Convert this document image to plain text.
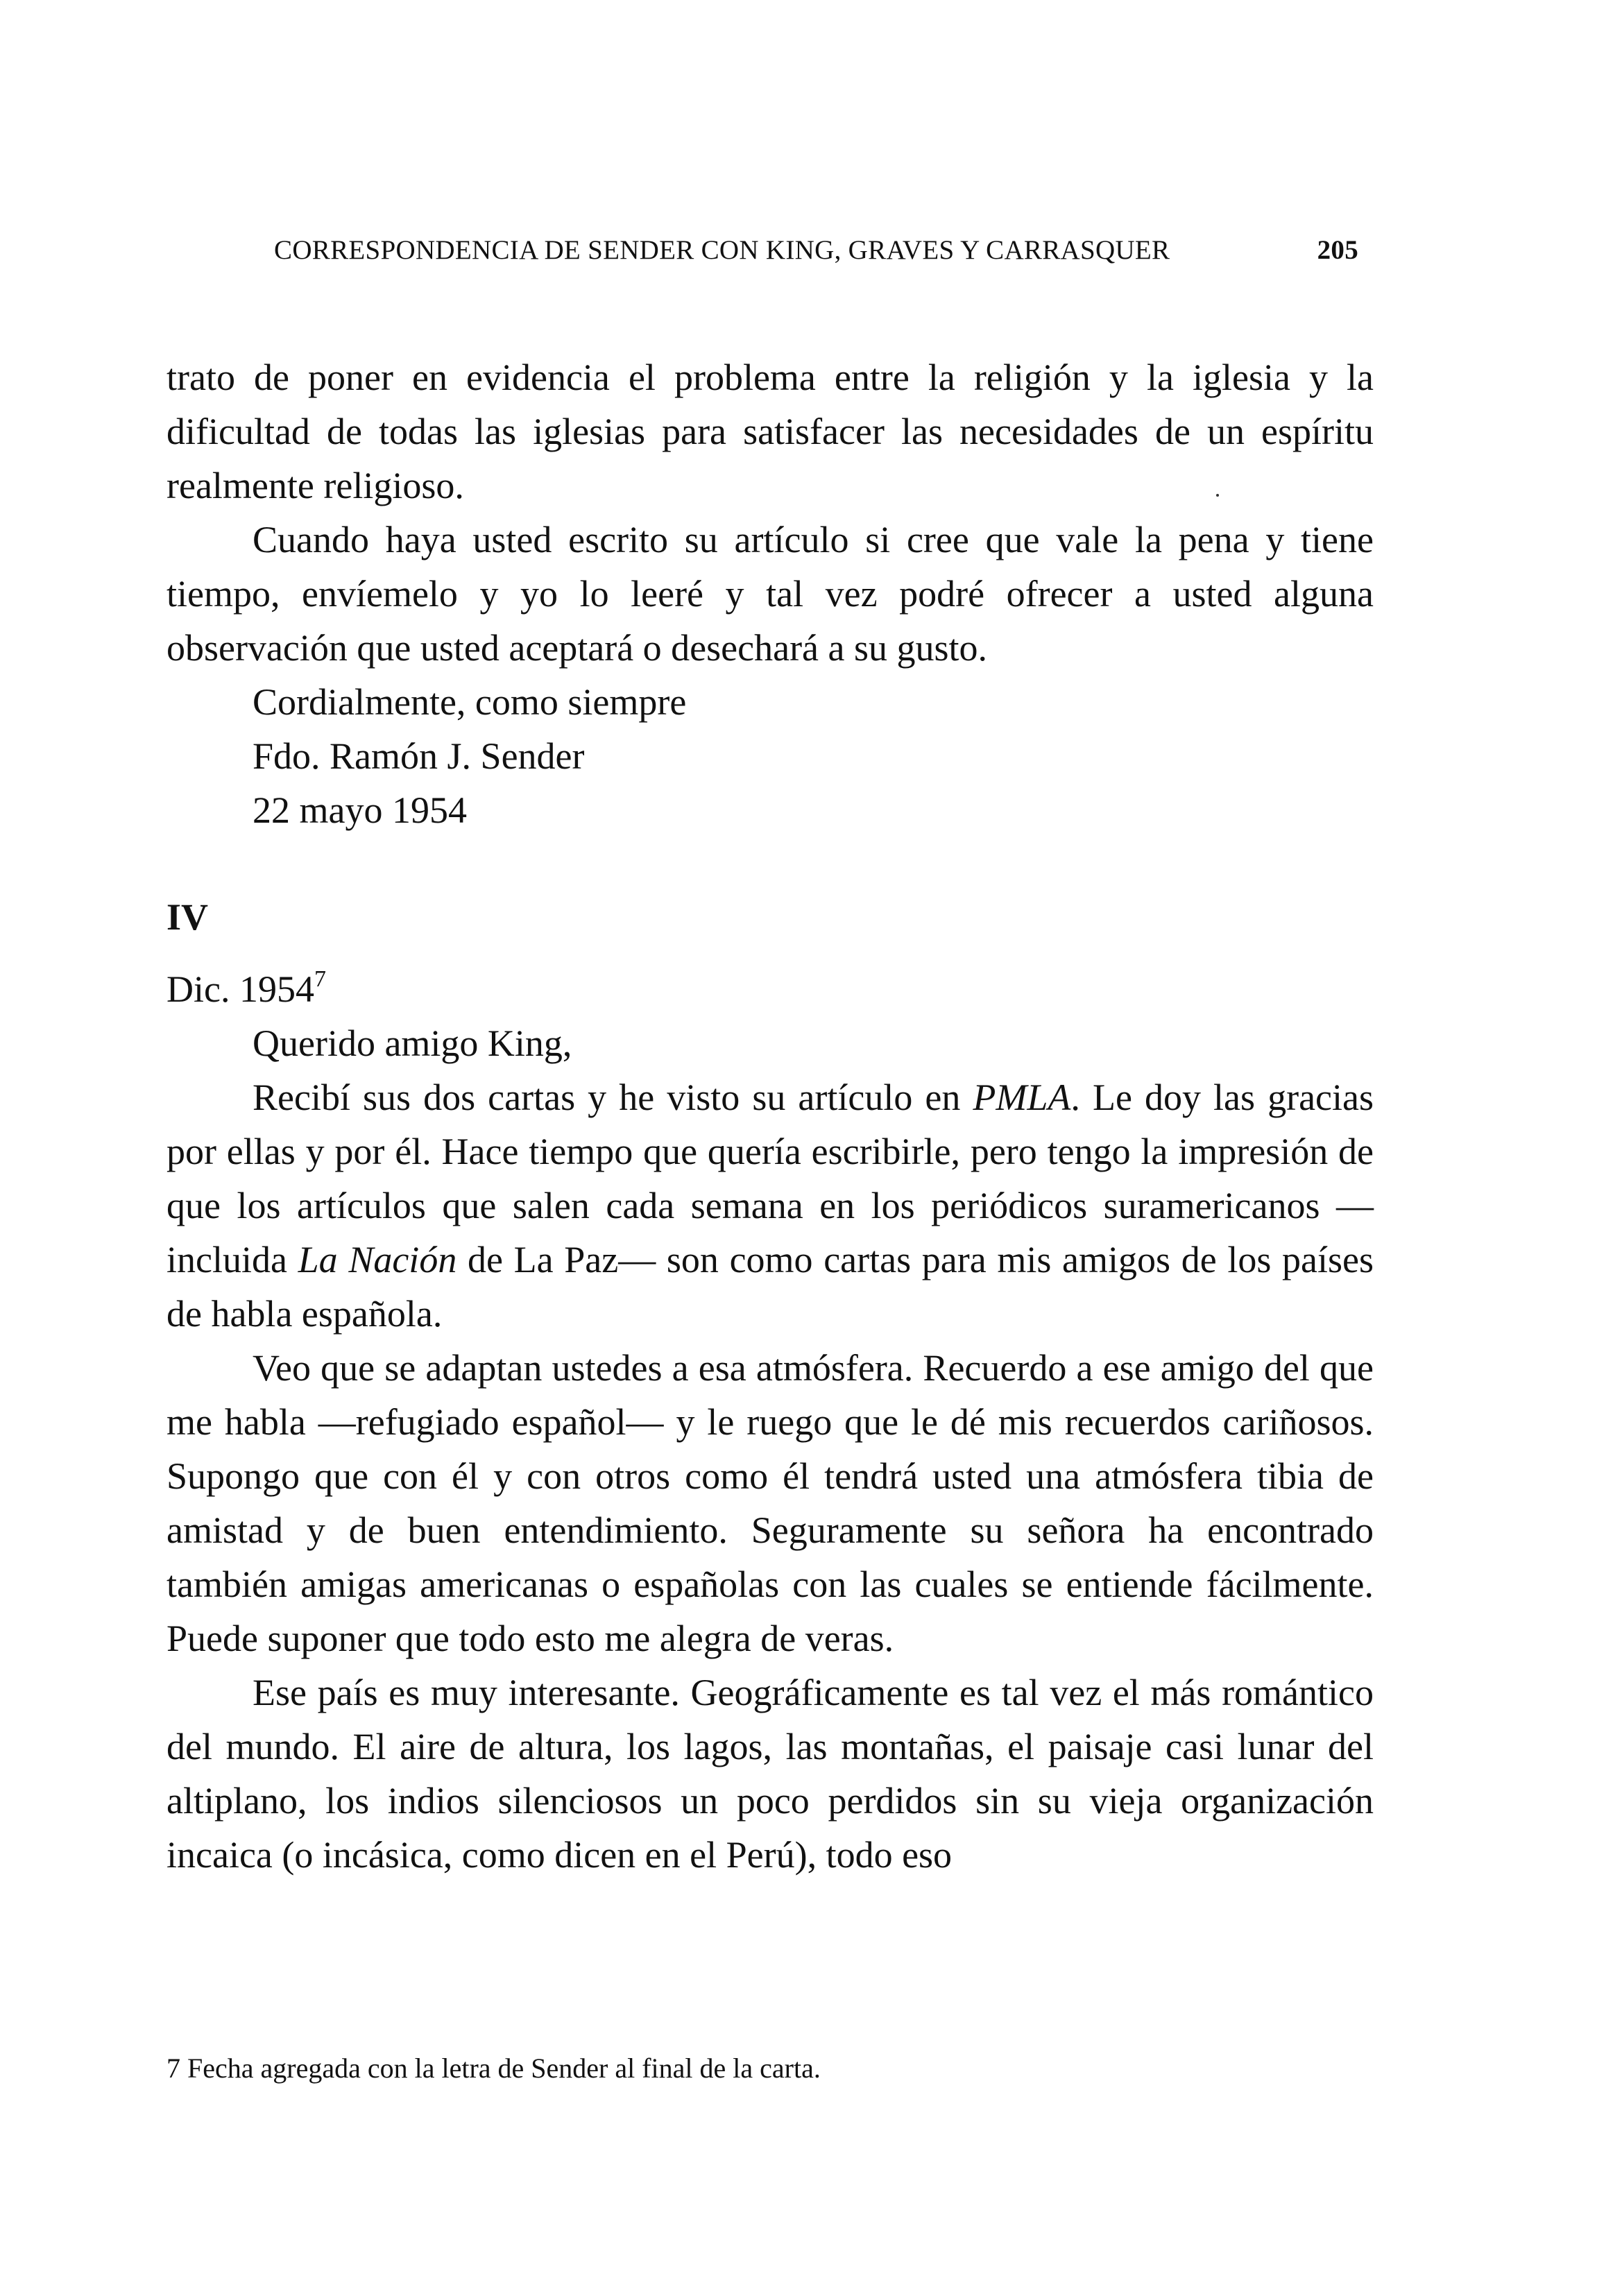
CORRESPONDENCIA DE SENDER CON KING, GRAVES Y CARRASQUER	205

trato de poner en evidencia el problema entre la religión y la iglesia y la dificultad de todas las iglesias para satisfacer las necesidades de un espíritu realmente religioso.

Cuando haya usted escrito su artículo si cree que vale la pena y tiene tiempo, envíemelo y yo lo leeré y tal vez podré ofrecer a usted alguna observación que usted aceptará o desechará a su gusto.

Cordialmente, como siempre

Fdo. Ramón J. Sender

22 mayo 1954

IV

Dic. 1954$^7$

Querido amigo King,

Recibí sus dos cartas y he visto su artículo en PMLA. Le doy las gracias por ellas y por él. Hace tiempo que quería escribirle, pero tengo la impresión de que los artículos que salen cada semana en los periódicos suramericanos —incluida La Nación de La Paz— son como cartas para mis amigos de los países de habla española.

Veo que se adaptan ustedes a esa atmósfera. Recuerdo a ese amigo del que me habla —refugiado español— y le ruego que le dé mis recuerdos cariñosos. Supongo que con él y con otros como él tendrá usted una atmósfera tibia de amistad y de buen entendimiento. Seguramente su señora ha encontrado también amigas americanas o españolas con las cuales se entiende fácilmente. Puede suponer que todo esto me alegra de veras.

Ese país es muy interesante. Geográficamente es tal vez el más romántico del mundo. El aire de altura, los lagos, las montañas, el paisaje casi lunar del altiplano, los indios silenciosos un poco perdidos sin su vieja organización incaica (o incásica, como dicen en el Perú), todo eso

7 Fecha agregada con la letra de Sender al final de la carta.
